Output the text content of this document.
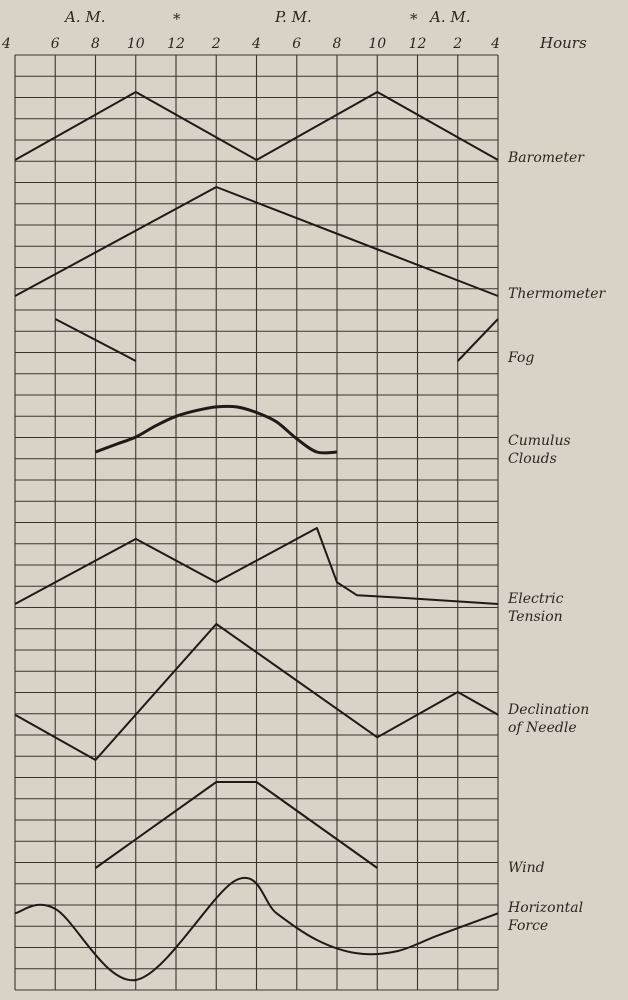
A. M.	*	P. M.	* A. M.
Hours
4	6 8 10 12 2 4 6 8 10 12 2 4
Barometer
Thermometer
Fog
Cumulus Clouds
Electric Tension
Declination of Needle
Wind
Horizontal Force
